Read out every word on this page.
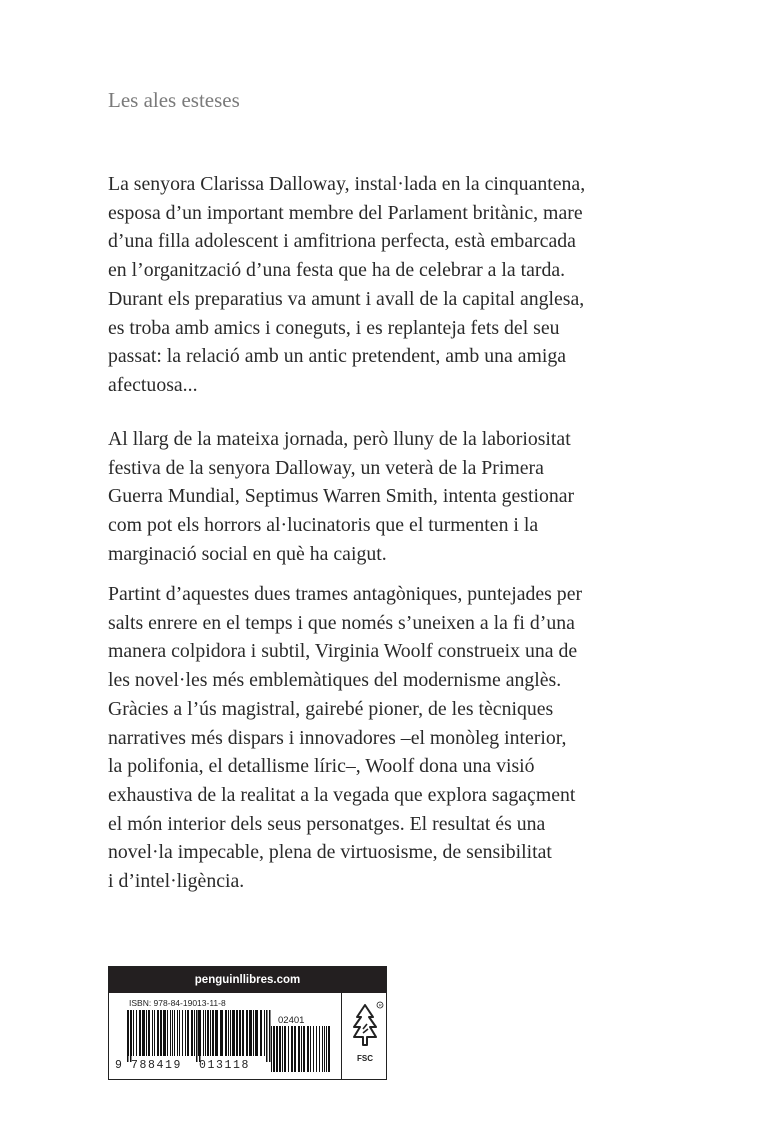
Les ales esteses

La senyora Clarissa Dalloway, instal·lada en la cinquantena,
esposa d’un important membre del Parlament britànic, mare
d’una filla adolescent i amfitriona perfecta, està embarcada
en l’organització d’una festa que ha de celebrar a la tarda.
Durant els preparatius va amunt i avall de la capital anglesa,
es troba amb amics i coneguts, i es replanteja fets del seu
passat: la relació amb un antic pretendent, amb una amiga
afectuosa...

Al llarg de la mateixa jornada, però lluny de la laboriositat
festiva de la senyora Dalloway, un veterà de la Primera
Guerra Mundial, Septimus Warren Smith, intenta gestionar
com pot els horrors al·lucinatoris que el turmenten i la
marginació social en què ha caigut.

Partint d’aquestes dues trames antagòniques, puntejades per
salts enrere en el temps i que només s’uneixen a la fi d’una
manera colpidora i subtil, Virginia Woolf construeix una de
les novel·les més emblemàtiques del modernisme anglès.
Gràcies a l’ús magistral, gairebé pioner, de les tècniques
narratives més dispars i innovadores –el monòleg interior,
la polifonia, el detallisme líric–, Woolf dona una visió
exhaustiva de la realitat a la vegada que explora sagaçment
el món interior dels seus personatges. El resultat és una
novel·la impecable, plena de virtuosisme, de sensibilitat
i d’intel·ligència.

penguinllibres.com
ISBN: 978-84-19013-11-8
9 788419 013118
02401
R
FSC
